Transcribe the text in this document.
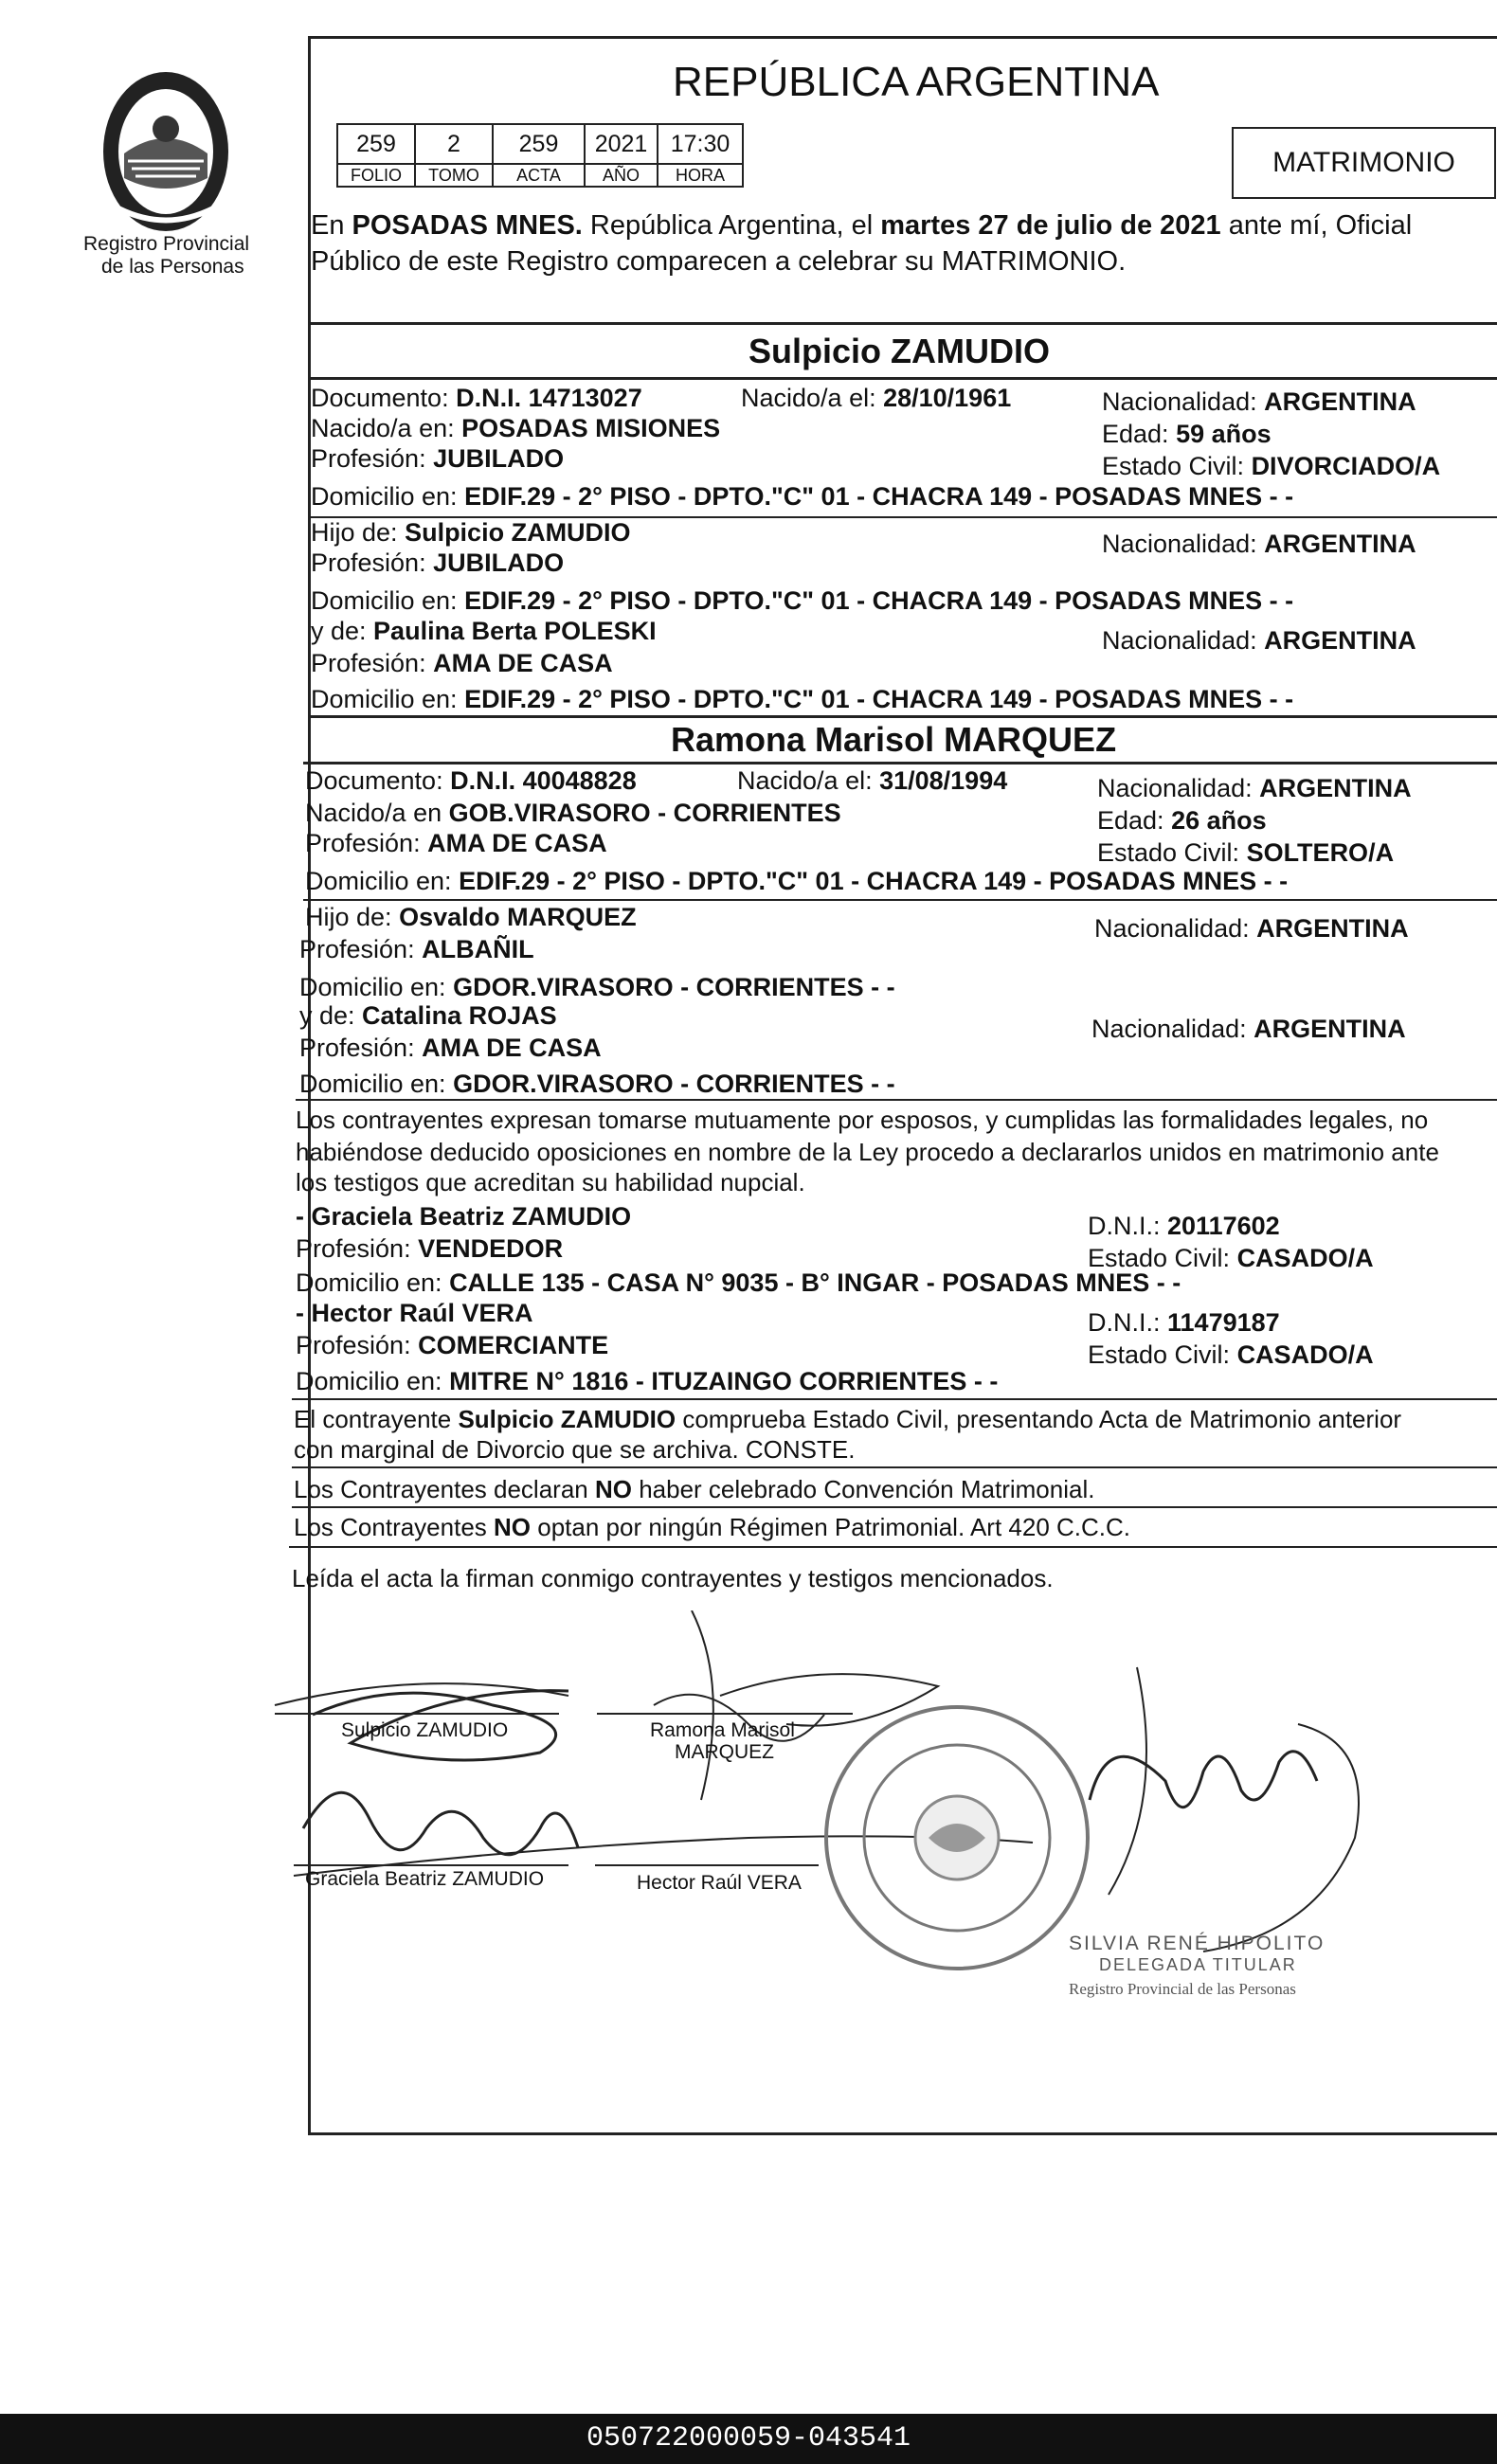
Registro Provincial
de las Personas
REPÚBLICA ARGENTINA
259	2	259	2021	17:30
FOLIO	TOMO	ACTA	AÑO	HORA	MATRIMONIO
En POSADAS MNES. República Argentina, el martes 27 de julio de 2021 ante mí, Oficial
Público de este Registro comparecen a celebrar su MATRIMONIO.
Sulpicio ZAMUDIO
Documento: D.N.I. 14713027	Nacido/a el: 28/10/1961	Nacionalidad: ARGENTINA
Nacido/a en: POSADAS MISIONES	Edad: 59 años
Profesión: JUBILADO	Estado Civil: DIVORCIADO/A
Domicilio en: EDIF.29 - 2° PISO - DPTO."C" 01 - CHACRA 149 - POSADAS MNES - -
Hijo de: Sulpicio ZAMUDIO	Nacionalidad: ARGENTINA
Profesión: JUBILADO
Domicilio en: EDIF.29 - 2° PISO - DPTO."C" 01 - CHACRA 149 - POSADAS MNES - -
y de: Paulina Berta POLESKI	Nacionalidad: ARGENTINA
Profesión: AMA DE CASA
Domicilio en: EDIF.29 - 2° PISO - DPTO."C" 01 - CHACRA 149 - POSADAS MNES - -
Ramona Marisol MARQUEZ
Documento: D.N.I. 40048828	Nacido/a el: 31/08/1994	Nacionalidad: ARGENTINA
Nacido/a en GOB.VIRASORO - CORRIENTES	Edad: 26 años
Profesión: AMA DE CASA	Estado Civil: SOLTERO/A
Domicilio en: EDIF.29 - 2° PISO - DPTO."C" 01 - CHACRA 149 - POSADAS MNES - -
Hijo de: Osvaldo MARQUEZ	Nacionalidad: ARGENTINA
Profesión: ALBAÑIL
Domicilio en: GDOR.VIRASORO - CORRIENTES - -
y de: Catalina ROJAS	Nacionalidad: ARGENTINA
Profesión: AMA DE CASA
Domicilio en: GDOR.VIRASORO - CORRIENTES - -
Los contrayentes expresan tomarse mutuamente por esposos, y cumplidas las formalidades legales, no
habiéndose deducido oposiciones en nombre de la Ley procedo a declararlos unidos en matrimonio ante
los testigos que acreditan su habilidad nupcial.
- Graciela Beatriz ZAMUDIO	D.N.I.: 20117602
Profesión: VENDEDOR	Estado Civil: CASADO/A
Domicilio en: CALLE 135 - CASA N° 9035 - B° INGAR - POSADAS MNES - -
- Hector Raúl VERA	D.N.I.: 11479187
Profesión: COMERCIANTE	Estado Civil: CASADO/A
Domicilio en: MITRE N° 1816 - ITUZAINGO CORRIENTES - -
El contrayente Sulpicio ZAMUDIO comprueba Estado Civil, presentando Acta de Matrimonio anterior
con marginal de Divorcio que se archiva. CONSTE.
Los Contrayentes declaran NO haber celebrado Convención Matrimonial.
Los Contrayentes NO optan por ningún Régimen Patrimonial. Art 420 C.C.C.
Leída el acta la firman conmigo contrayentes y testigos mencionados.
Sulpicio ZAMUDIO	Ramona Marisol
MARQUEZ
Graciela Beatriz ZAMUDIO	Hector Raúl VERA
SILVIA RENÉ HIPOLITO
DELEGADA TITULAR
Registro Provincial de las Personas
050722000059-043541
